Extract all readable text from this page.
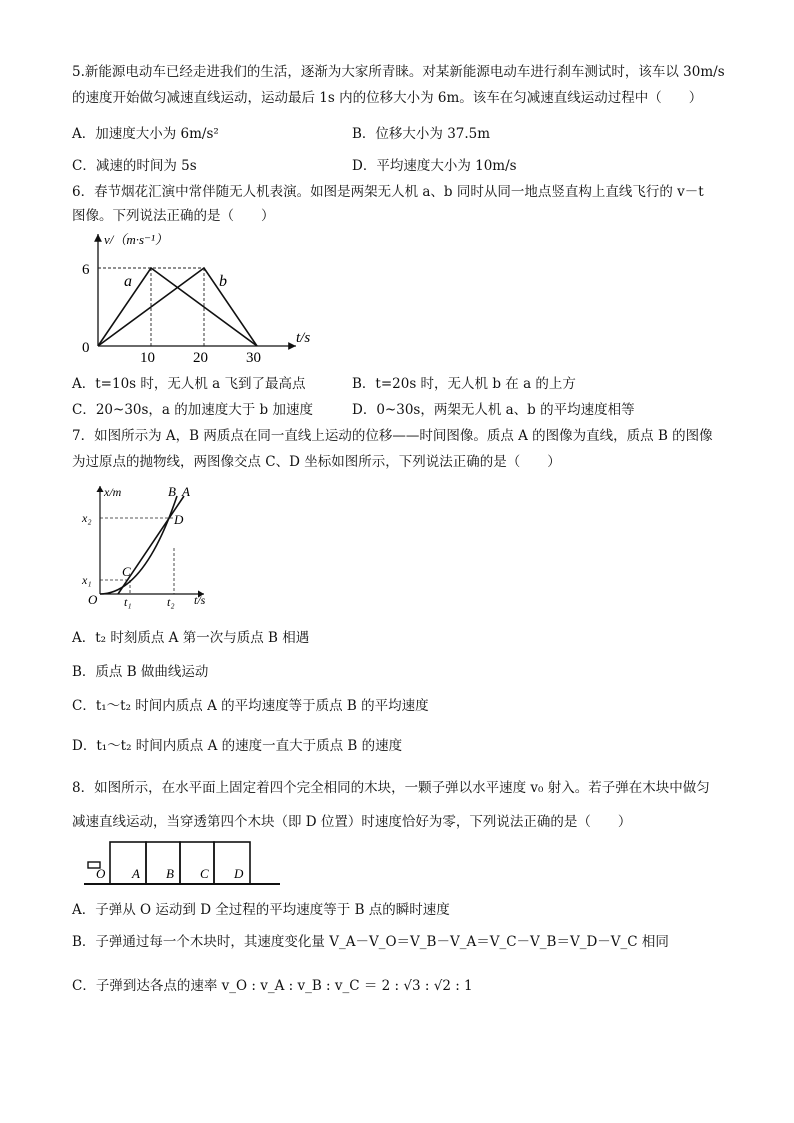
5.新能源电动车已经走进我们的生活，逐渐为大家所青睐。对某新能源电动车进行刹车测试时，该车以 30m/s
的速度开始做匀减速直线运动，运动最后 1s 内的位移大小为 6m。该车在匀减速直线运动过程中（　　）
A．加速度大小为 6m/s²	B．位移大小为 37.5m
C．减速的时间为 5s	D．平均速度大小为 10m/s
6．春节烟花汇演中常伴随无人机表演。如图是两架无人机 a、b 同时从同一地点竖直构上直线飞行的 v－t
图像。下列说法正确的是（　　）
v/（m·s⁻¹）
t/s
0
6
10	20	30
a	b
A．t=10s 时，无人机 a 飞到了最高点	B．t=20s 时，无人机 b 在 a 的上方
C．20~30s，a 的加速度大于 b 加速度	D．0~30s，两架无人机 a、b 的平均速度相等
7．如图所示为 A，B 两质点在同一直线上运动的位移——时间图像。质点 A 的图像为直线，质点 B 的图像
为过原点的抛物线，两图像交点 C、D 坐标如图所示，下列说法正确的是（　　）
x/m
t/s
O
x₂
x₁
t₁	t₂
B A
C
D
A．t₂ 时刻质点 A 第一次与质点 B 相遇
B．质点 B 做曲线运动
C．t₁～t₂ 时间内质点 A 的平均速度等于质点 B 的平均速度
D．t₁～t₂ 时间内质点 A 的速度一直大于质点 B 的速度
8．如图所示，在水平面上固定着四个完全相同的木块，一颗子弹以水平速度 v₀ 射入。若子弹在木块中做匀
减速直线运动，当穿透第四个木块（即 D 位置）时速度恰好为零，下列说法正确的是（　　）
O A B C D
A．子弹从 O 运动到 D 全过程的平均速度等于 B 点的瞬时速度
B．子弹通过每一个木块时，其速度变化量 V_A－V_O＝V_B－V_A＝V_C－V_B＝V_D－V_C 相同
C．子弹到达各点的速率 v_O : v_A : v_B : v_C ＝ 2 : √3 : √2 : 1
